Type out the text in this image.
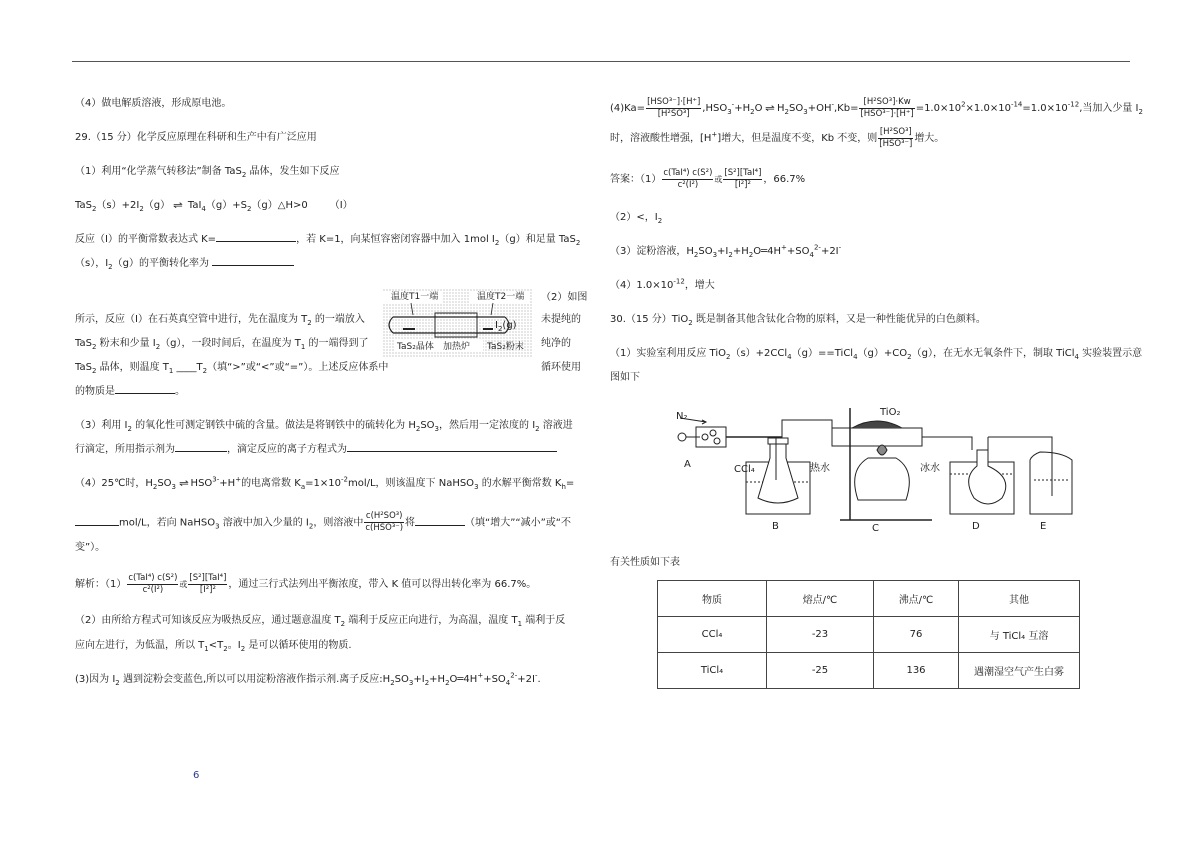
（4）做电解质溶液，形成原电池。
29.（15 分）化学反应原理在科研和生产中有广泛应用
（1）利用“化学蒸气转移法”制备 TaS$_2$ 晶体，发生如下反应
$TaS_2(s)+2I_2(g)$ ⇌ $TaI_4(g)+S_2(g)\triangle H>0$ （I）
反应（I）的平衡常数表达式 K=	，若 K=1，向某恒容密闭容器中加入 1mol $I_2(g)$和足量 TaS$_2$
（s），$I_2(g)$的平衡转化率为
温度T1一端	温度T2一端
$I_2(g)$
TaS₂晶体 加热炉 TaS₂粉末
（2）如图
所示，反应（I）在石英真空管中进行，先在温度为 $T_2$ 的一端放入	未提纯的
TaS$_2$ 粉末和少量 $I_2(g)$，一段时间后，在温度为 $T_1$ 的一端得到了	纯净的
TaS$_2$ 晶体，则温度 $T_1$ $\_\_\_\_T_2$（填“>”或“<”或“=”）。上述反应体系中	循环使用
的物质是	。
（3）利用 $I_2$ 的氧化性可测定钢铁中硫的含量。做法是将钢铁中的硫转化为 $H_2SO_3$，然后用一定浓度的 $I_2$ 溶液进
行滴定，所用指示剂为	，滴定反应的离子方程式为
（4）25℃时，$H_2SO_3$ ⇌ $HSO^{3-}+H^+$的电离常数 $K_a=1\times 10^{-2}mol/L$，则该温度下 NaHSO$_3$ 的水解平衡常数 $K_h=$
mol/L，若向 NaHSO$_3$ 溶液中加入少量的 $I_2$，则溶液中 $\frac{\text{c(H²SO³)}}{\text{c(HSO³⁻)}}$ 将	（填“增大”“减小”或“不
变”）。
解析：$(1) \frac{\text{c(TaI⁴) c(S²)}}{\text{c²(I²)}}$ 或 $\frac{\text{[S²][TaI⁴]}}{\text{[I²]²}}$ ，通过三行式法列出平衡浓度，带入 K 值可以得出转化率为 66.7%。
（2）由所给方程式可知该反应为吸热反应，通过题意温度 $T_2$ 端利于反应正向进行，为高温，温度 $T_1$ 端利于反
应向左进行，为低温，所以 $T_1<T_2$。$I_2$ 是可以循环使用的物质.
(3)因为 $I_2$ 遇到淀粉会变蓝色,所以可以用淀粉溶液作指示剂.离子反应$:H_2SO_3+I_2+H_2O═4H^++SO_4^{2-}+2I^-$.
6
$(4)Ka= \frac{\text{[HSO³⁻]·[H⁺]}}{\text{[H²SO³]}} ,HSO_3^-+H_2O$ ⇌ $H_2SO_3+OH^-,Kb= \frac{\text{[H²SO³]·Kw}}{\text{[HSO³⁻]·[H⁺]}} =1.0\times 10^2\times 1.0\times 10^{-14}=1.0\times 10^{-12}$,当加入少量 $I_2$
时，溶液酸性增强，[H+]增大，但是温度不变，Kb 不变，则 $\frac{\text{[H²SO³]}}{\text{[HSO³⁻]}}$ 增大。
答案：$(1) \frac{\text{c(TaI⁴) c(S²)}}{\text{c²(I²)}}$ 或 $\frac{\text{[S²][TaI⁴]}}{\text{[I²]²}}$ ，66.7%
（2）<，$I_2$
（3）淀粉溶液，$H_2SO_3+I_2+H_2O═4H^++SO_4^{2-}+2I^-$
$(4)1.0\times 10^{-12}$，增大
30.（15 分）TiO$_2$ 既是制备其他含钛化合物的原料，又是一种性能优异的白色颜料。
（1）实验室利用反应 $TiO_2(s)+2CCl_4(g)==TiCl_4(g)+CO_2(g)$，在无水无氧条件下，制取 TiCl$_4$ 实验装置示意
图如下
N₂	TiO₂
CCl₄	热水	冰水
A
B	C	D	E
有关性质如下表
物质	熔点/℃	沸点/℃	其他
CCl₄	-23	76	与 TiCl₄ 互溶
TiCl₄	-25	136	遇潮湿空气产生白雾
